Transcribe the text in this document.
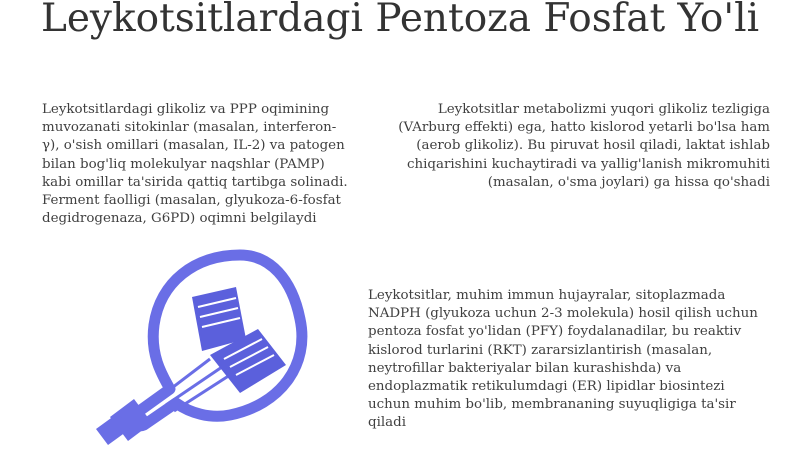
Leykotsitlardagi Pentoza Fosfat Yo'li
Leykotsitlardagi glikoliz va PPP oqimining muvozanati sitokinlar (masalan, interferon-γ), o'sish omillari (masalan, IL-2) va patogen bilan bog'liq molekulyar naqshlar (PAMP) kabi omillar ta'sirida qattiq tartibga solinadi. Ferment faolligi (masalan, glyukoza-6-fosfat degidrogenaza, G6PD) oqimni belgilaydi
Leykotsitlar metabolizmi yuqori glikoliz tezligiga (VArburg effekti) ega, hatto kislorod yetarli bo'lsa ham (aerob glikoliz). Bu piruvat hosil qiladi, laktat ishlab chiqarishini kuchaytiradi va yallig'lanish mikromuhiti (masalan, o'sma joylari) ga hissa qo'shadi
Leykotsitlar, muhim immun hujayralar, sitoplazmada NADPH (glyukoza uchun 2-3 molekula) hosil qilish uchun pentoza fosfat yo'lidan (PFY) foydalanadilar, bu reaktiv kislorod turlarini (RKT) zararsizlantirish (masalan, neytrofillar bakteriyalar bilan kurashishda) va endoplazmatik retikulumdagi (ER) lipidlar biosintezi uchun muhim bo'lib, membrananing suyuqligiga ta'sir qiladi
